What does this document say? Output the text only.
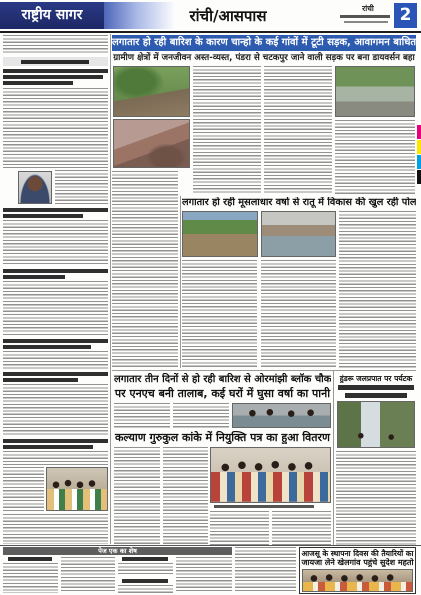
राष्ट्रीय सागर	रांची/आसपास	रांची	2
लगातार हो रही बारिश के कारण चान्हो के कई गांवों में टूटी सड़क, आवागमन बाधित
ग्रामीण क्षेत्रों में जनजीवन अस्त-व्यस्त, पंडरा से चटकपुर जाने वाली सड़क पर बना डायवर्सन बहा
लगातार हो रही मूसलाधार वर्षा से रातू में विकास की खुल रही पोल
लगातार तीन दिनों से हो रही बारिश से ओरमांझी ब्लॉक चौक
पर एनएच बनी तालाब, कई घरों में घुसा वर्षा का पानी
कल्याण गुरुकुल कांके में नियुक्ति पत्र का हुआ वितरण
हुंडरू जलप्रपात पर पर्यटक
पेज एक का शेष	आजसू के स्थापना दिवस की तैयारियों का
जायजा लेने खेलगांव पहुंचे सुदेश महतो
